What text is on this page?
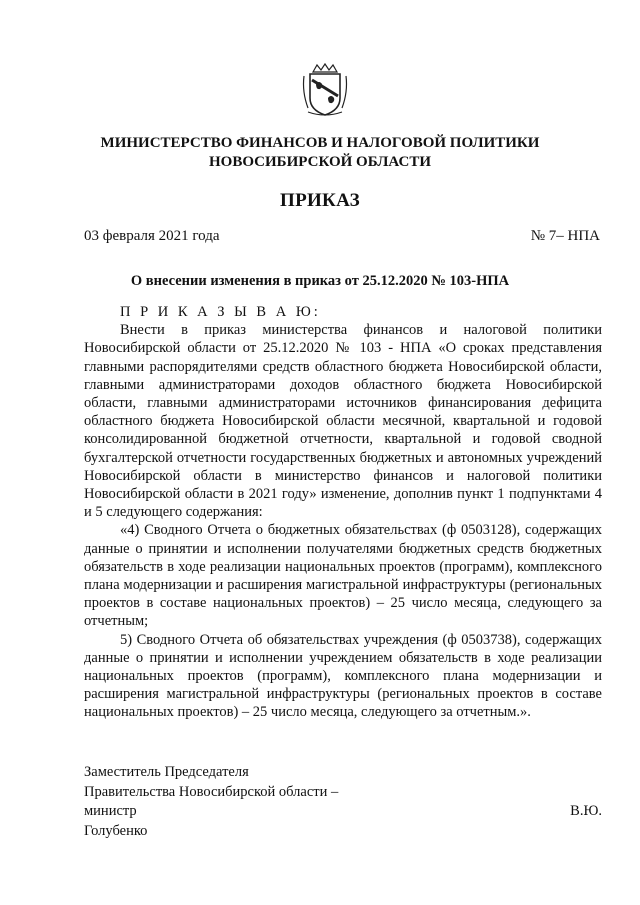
МИНИСТЕРСТВО ФИНАНСОВ И НАЛОГОВОЙ ПОЛИТИКИ
НОВОСИБИРСКОЙ ОБЛАСТИ
ПРИКАЗ
03 февраля 2021 года	№ 7– НПА
О внесении изменения в приказ от 25.12.2020 № 103-НПА

П Р И К А З Ы В А Ю:

Внести в приказ министерства финансов и налоговой политики Новосибирской области от 25.12.2020 № 103 - НПА «О сроках представления главными распорядителями средств областного бюджета Новосибирской области, главными администраторами доходов областного бюджета Новосибирской области, главными администраторами источников финансирования дефицита областного бюджета Новосибирской области месячной, квартальной и годовой консолидированной бюджетной отчетности, квартальной и годовой сводной бухгалтерской отчетности государственных бюджетных и автономных учреждений Новосибирской области в министерство финансов и налоговой политики Новосибирской области в 2021 году» изменение, дополнив пункт 1 подпунктами 4 и 5 следующего содержания:

«4) Сводного Отчета о бюджетных обязательствах (ф 0503128), содержащих данные о принятии и исполнении получателями бюджетных средств бюджетных обязательств в ходе реализации национальных проектов (программ), комплексного плана модернизации и расширения магистральной инфраструктуры (региональных проектов в составе национальных проектов) – 25 число месяца, следующего за отчетным;

5) Сводного Отчета об обязательствах учреждения (ф 0503738), содержащих данные о принятии и исполнении учреждением обязательств в ходе реализации национальных проектов (программ), комплексного плана модернизации и расширения магистральной инфраструктуры (региональных проектов в составе национальных проектов) – 25 число месяца, следующего за отчетным.».

Заместитель Председателя
Правительства Новосибирской области –
министр	В.Ю.
Голубенко
